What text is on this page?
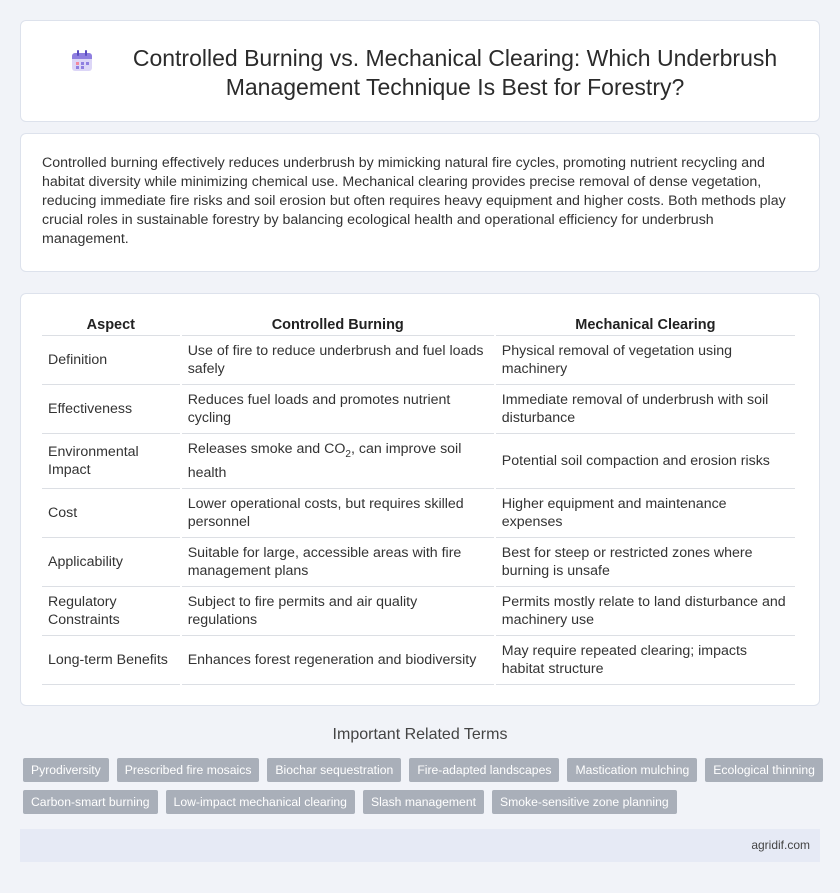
Controlled Burning vs. Mechanical Clearing: Which Underbrush Management Technique Is Best for Forestry?

Controlled burning effectively reduces underbrush by mimicking natural fire cycles, promoting nutrient recycling and habitat diversity while minimizing chemical use. Mechanical clearing provides precise removal of dense vegetation, reducing immediate fire risks and soil erosion but often requires heavy equipment and higher costs. Both methods play crucial roles in sustainable forestry by balancing ecological health and operational efficiency for underbrush management.

Aspect	Controlled Burning	Mechanical Clearing
Definition	Use of fire to reduce underbrush and fuel loads safely	Physical removal of vegetation using machinery
Effectiveness	Reduces fuel loads and promotes nutrient cycling	Immediate removal of underbrush with soil disturbance
Environmental Impact	Releases smoke and $CO_2$, can improve soil health	Potential soil compaction and erosion risks
Cost	Lower operational costs, but requires skilled personnel	Higher equipment and maintenance expenses
Applicability	Suitable for large, accessible areas with fire management plans	Best for steep or restricted zones where burning is unsafe
Regulatory Constraints	Subject to fire permits and air quality regulations	Permits mostly relate to land disturbance and machinery use
Long-term Benefits	Enhances forest regeneration and biodiversity	May require repeated clearing; impacts habitat structure
Important Related Terms
Pyrodiversity	Prescribed fire mosaics	Biochar sequestration	Fire-adapted landscapes	Mastication mulching	Ecological thinning
Carbon-smart burning	Low-impact mechanical clearing	Slash management	Smoke-sensitive zone planning
agridif.com
